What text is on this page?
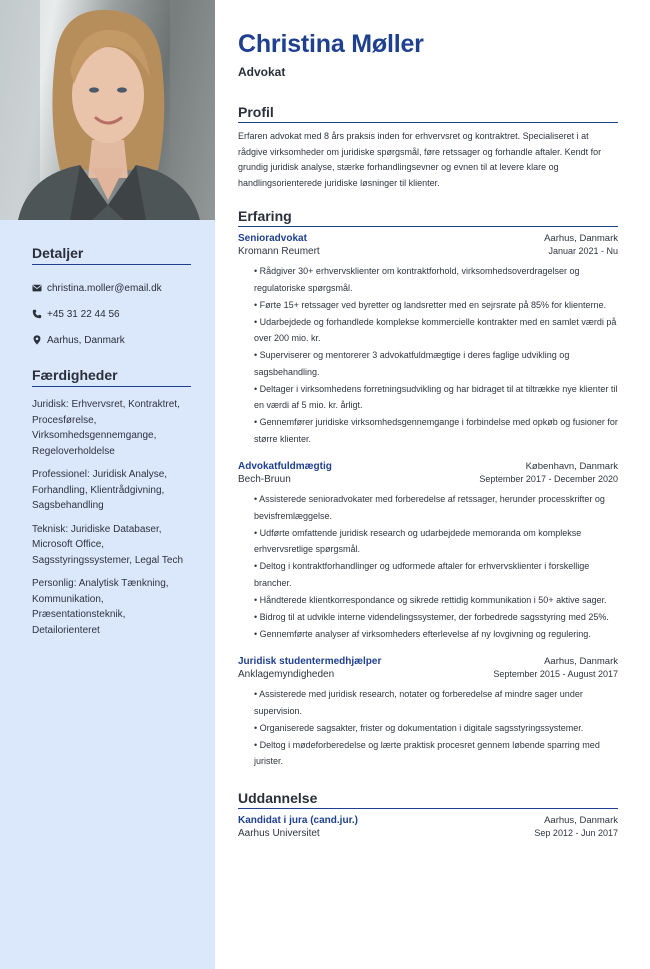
Detaljer
christina.moller@email.dk
+45 31 22 44 56
Aarhus, Danmark
Færdigheder
Juridisk: Erhvervsret, Kontraktret, Procesførelse, Virksomhedsgennemgange, Regeloverholdelse
Professionel: Juridisk Analyse, Forhandling, Klientrådgivning, Sagsbehandling
Teknisk: Juridiske Databaser, Microsoft Office, Sagsstyringssystemer, Legal Tech
Personlig: Analytisk Tænkning, Kommunikation, Præsentationsteknik, Detailorienteret
Christina Møller
Advokat
Profil

Erfaren advokat med 8 års praksis inden for erhvervsret og kontraktret. Specialiseret i at rådgive virksomheder om juridiske spørgsmål, føre retssager og forhandle aftaler. Kendt for grundig juridisk analyse, stærke forhandlingsevner og evnen til at levere klare og handlingsorienterede juridiske løsninger til klienter.

Erfaring
Senioradvokat	Aarhus, Danmark
Kromann Reumert	Januar 2021 - Nu
• Rådgiver 30+ erhvervsklienter om kontraktforhold, virksomhedsoverdragelser og regulatoriske spørgsmål.
• Førte 15+ retssager ved byretter og landsretter med en sejrsrate på 85% for klienterne.
• Udarbejdede og forhandlede komplekse kommercielle kontrakter med en samlet værdi på over 200 mio. kr.
• Superviserer og mentorerer 3 advokatfuldmægtige i deres faglige udvikling og sagsbehandling.
• Deltager i virksomhedens forretningsudvikling og har bidraget til at tiltrække nye klienter til en værdi af 5 mio. kr. årligt.
• Gennemfører juridiske virksomhedsgennemgange i forbindelse med opkøb og fusioner for større klienter.
Advokatfuldmægtig	København, Danmark
Bech-Bruun	September 2017 - December 2020
• Assisterede senioradvokater med forberedelse af retssager, herunder processkrifter og bevisfremlæggelse.
• Udførte omfattende juridisk research og udarbejdede memoranda om komplekse erhvervsretlige spørgsmål.
• Deltog i kontraktforhandlinger og udformede aftaler for erhvervsklienter i forskellige brancher.
• Håndterede klientkorrespondance og sikrede rettidig kommunikation i 50+ aktive sager.
• Bidrog til at udvikle interne videndelingssystemer, der forbedrede sagsstyring med 25%.
• Gennemførte analyser af virksomheders efterlevelse af ny lovgivning og regulering.
Juridisk studentermedhjælper	Aarhus, Danmark
Anklagemyndigheden	September 2015 - August 2017
• Assisterede med juridisk research, notater og forberedelse af mindre sager under supervision.
• Organiserede sagsakter, frister og dokumentation i digitale sagsstyringssystemer.
• Deltog i mødeforberedelse og lærte praktisk procesret gennem løbende sparring med jurister.
Uddannelse
Kandidat i jura (cand.jur.)	Aarhus, Danmark
Aarhus Universitet	Sep 2012 - Jun 2017
